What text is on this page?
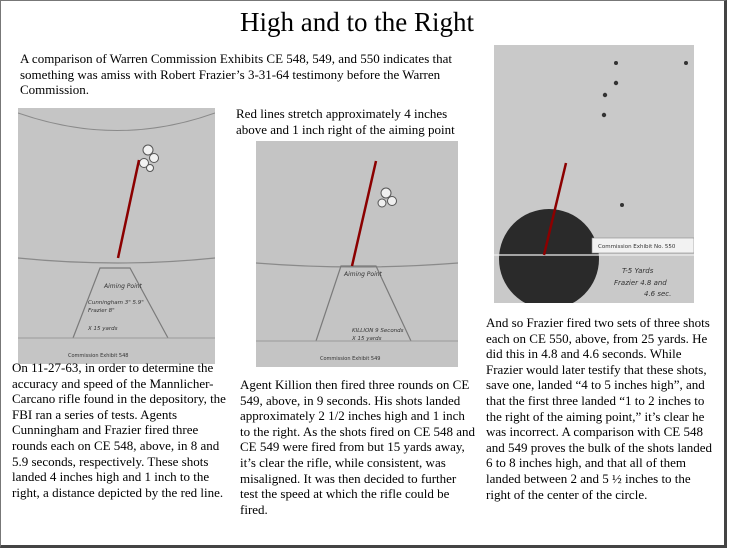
High and to the Right

A comparison of Warren Commission Exhibits CE 548, 549, and 550 indicates that something was amiss with Robert Frazier’s 3-31-64 testimony before the Warren Commission.

Red lines stretch approximately 4 inches above and 1 inch right of the aiming point

Aiming Point
Cunningham 3" 5.9"
Frazier 8"
X 15 yards
Commission Exhibit 548
Aiming Point
KILLION 9 Seconds
X 15 yards
Commission Exhibit 549
Commission Exhibit No. 550
T-5 Yards
Frazier 4.8 and
4.6 sec.

On 11-27-63, in order to determine the accuracy and speed of the Mannlicher-Carcano rifle found in the depository, the FBI ran a series of tests. Agents Cunningham and Frazier fired three rounds each on CE 548, above, in 8 and 5.9 seconds, respectively. These shots landed 4 inches high and 1 inch to the right, a distance depicted by the red line.

Agent Killion then fired three rounds on CE 549, above, in 9 seconds. His shots landed approximately 2 1/2 inches high and 1 inch to the right. As the shots fired on CE 548 and CE 549 were fired from but 15 yards away, it’s clear the rifle, while consistent, was misaligned. It was then decided to further test the speed at which the rifle could be fired.

And so Frazier fired two sets of three shots each on CE 550, above, from 25 yards. He did this in 4.8 and 4.6 seconds. While Frazier would later testify that these shots, save one, landed “4 to 5 inches high”, and that the first three landed “1 to 2 inches to the right of the aiming point,” it’s clear he was incorrect. A comparison with CE 548 and 549 proves the bulk of the shots landed 6 to 8 inches high, and that all of them landed between 2 and 5 ½ inches to the right of the center of the circle.
